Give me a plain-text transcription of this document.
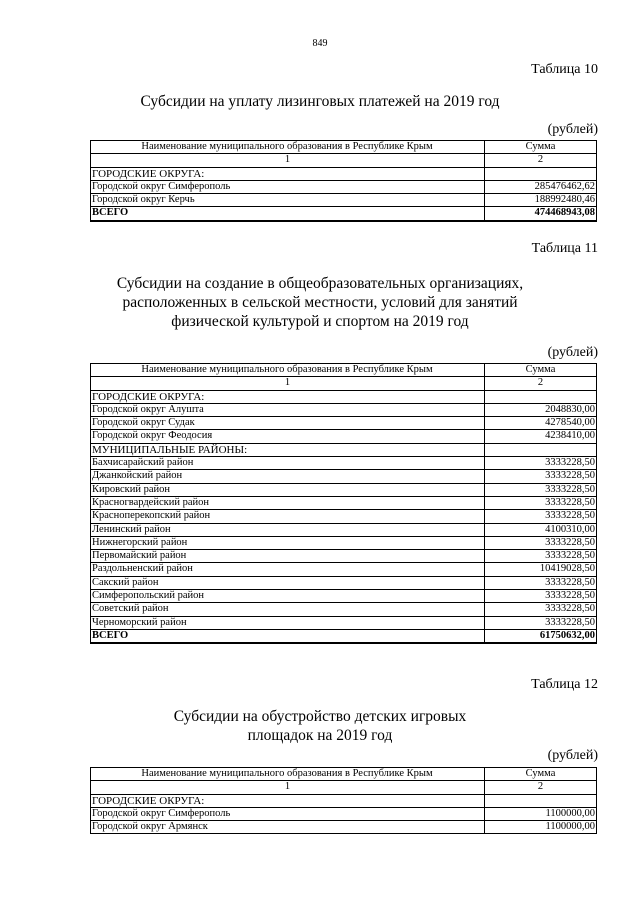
849
Таблица 10
Субсидии на уплату лизинговых платежей на 2019 год
(рублей)
Наименование муниципального образования в Республике Крым	Сумма
1	2
ГОРОДСКИЕ ОКРУГА:	
Городской округ Симферополь	285476462,62
Городской округ Керчь	188992480,46
ВСЕГО	474468943,08
Таблица 11
Субсидии на создание в общеобразовательных организациях,
расположенных в сельской местности, условий для занятий
физической культурой и спортом на 2019 год
(рублей)
Наименование муниципального образования в Республике Крым	Сумма
1	2
ГОРОДСКИЕ ОКРУГА:	
Городской округ Алушта	2048830,00
Городской округ Судак	4278540,00
Городской округ Феодосия	4238410,00
МУНИЦИПАЛЬНЫЕ РАЙОНЫ:	
Бахчисарайский район	3333228,50
Джанкойский район	3333228,50
Кировский район	3333228,50
Красногвардейский район	3333228,50
Красноперекопский район	3333228,50
Ленинский район	4100310,00
Нижнегорский район	3333228,50
Первомайский район	3333228,50
Раздольненский район	10419028,50
Сакский район	3333228,50
Симферопольский район	3333228,50
Советский район	3333228,50
Черноморский район	3333228,50
ВСЕГО	61750632,00
Таблица 12
Субсидии на обустройство детских игровых
площадок на 2019 год
(рублей)
Наименование муниципального образования в Республике Крым	Сумма
1	2
ГОРОДСКИЕ ОКРУГА:	
Городской округ Симферополь	1100000,00
Городской округ Армянск	1100000,00
